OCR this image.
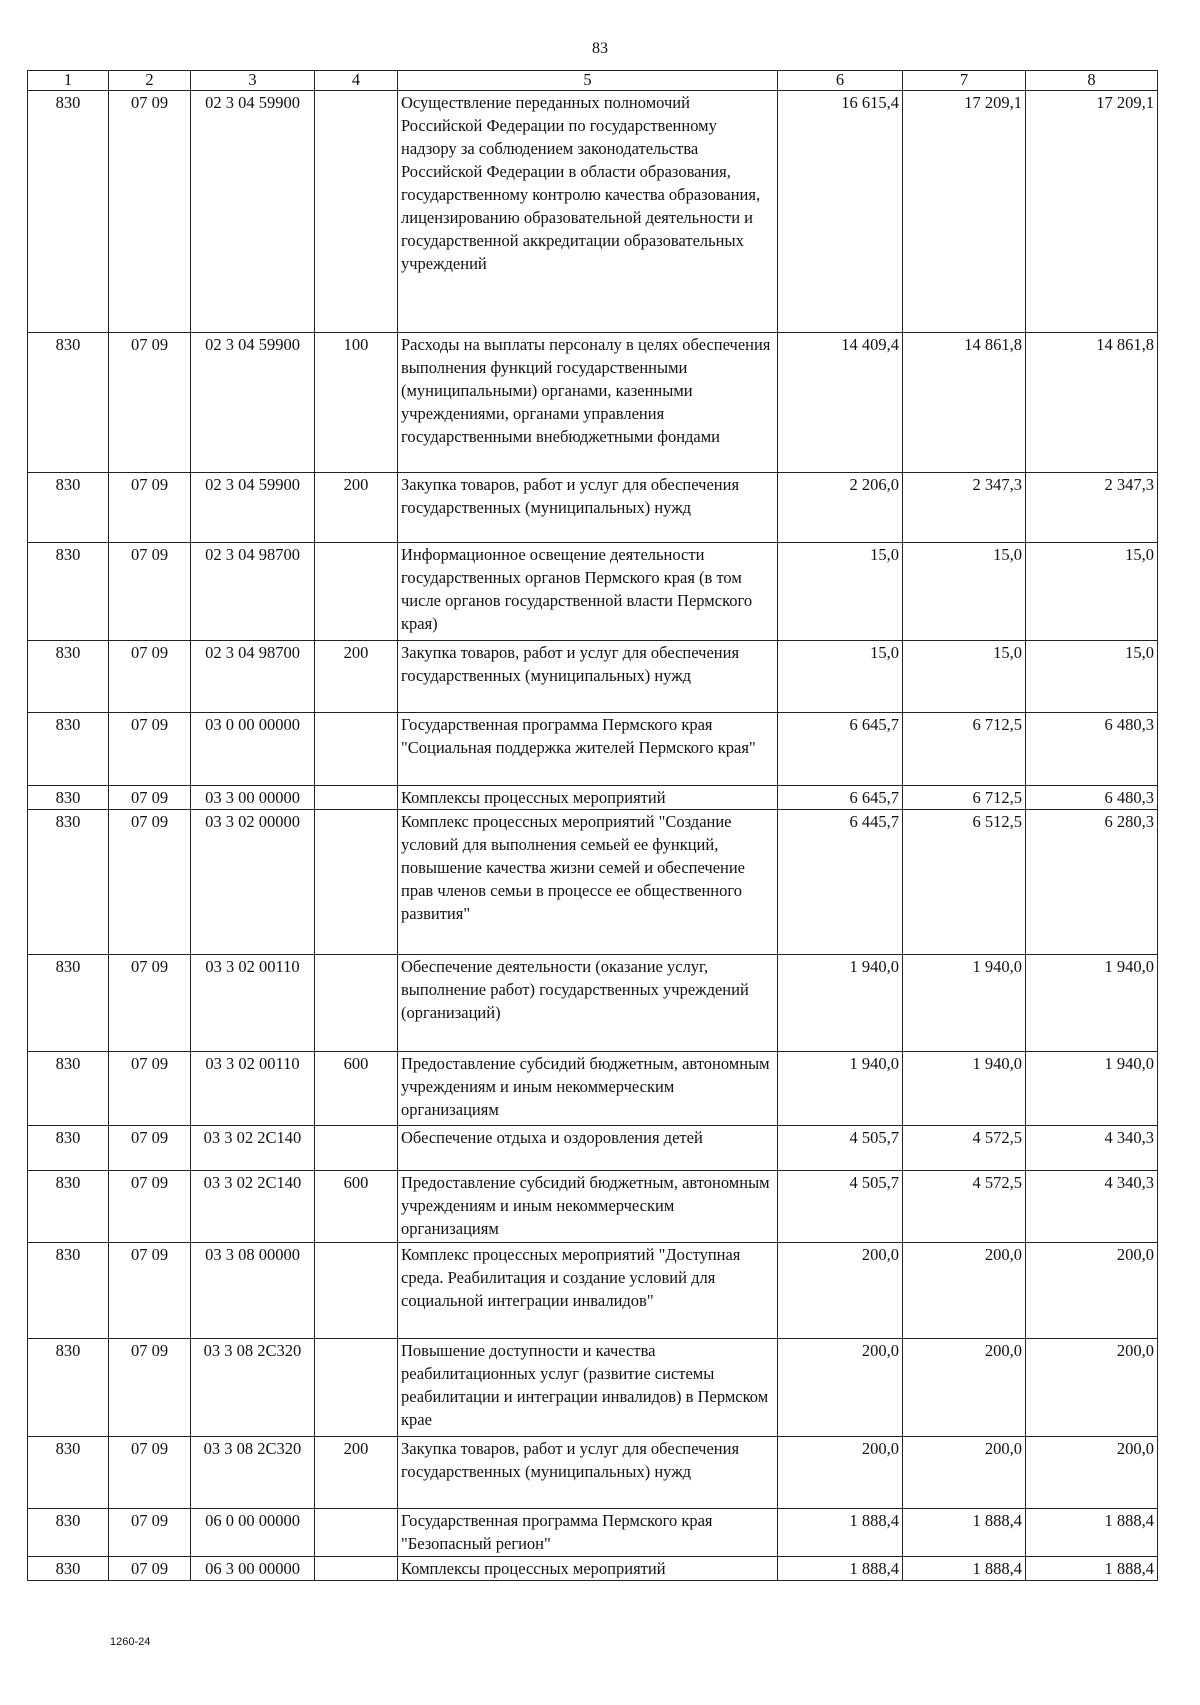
83
1	2	3	4	5	6	7	8
830	07 09	02 3 04 59900		Осуществление переданных полномочий Российской Федерации по государственному надзору за соблюдением законодательства Российской Федерации в области образования, государственному контролю качества образования, лицензированию образовательной деятельности и государственной аккредитации образовательных учреждений	16 615,4	17 209,1	17 209,1
830	07 09	02 3 04 59900	100	Расходы на выплаты персоналу в целях обеспечения выполнения функций государственными (муниципальными) органами, казенными учреждениями, органами управления государственными внебюджетными фондами	14 409,4	14 861,8	14 861,8
830	07 09	02 3 04 59900	200	Закупка товаров, работ и услуг для обеспечения государственных (муниципальных) нужд	2 206,0	2 347,3	2 347,3
830	07 09	02 3 04 98700		Информационное освещение деятельности государственных органов Пермского края (в том числе органов государственной власти Пермского края)	15,0	15,0	15,0
830	07 09	02 3 04 98700	200	Закупка товаров, работ и услуг для обеспечения государственных (муниципальных) нужд	15,0	15,0	15,0
830	07 09	03 0 00 00000		Государственная программа Пермского края "Социальная поддержка жителей Пермского края"	6 645,7	6 712,5	6 480,3
830	07 09	03 3 00 00000		Комплексы процессных мероприятий	6 645,7	6 712,5	6 480,3
830	07 09	03 3 02 00000		Комплекс процессных мероприятий "Создание условий для выполнения семьей ее функций, повышение качества жизни семей и обеспечение прав членов семьи в процессе ее общественного развития"	6 445,7	6 512,5	6 280,3
830	07 09	03 3 02 00110		Обеспечение деятельности (оказание услуг, выполнение работ) государственных учреждений (организаций)	1 940,0	1 940,0	1 940,0
830	07 09	03 3 02 00110	600	Предоставление субсидий бюджетным, автономным учреждениям и иным некоммерческим организациям	1 940,0	1 940,0	1 940,0
830	07 09	03 3 02 2С140		Обеспечение отдыха и оздоровления детей	4 505,7	4 572,5	4 340,3
830	07 09	03 3 02 2С140	600	Предоставление субсидий бюджетным, автономным учреждениям и иным некоммерческим организациям	4 505,7	4 572,5	4 340,3
830	07 09	03 3 08 00000		Комплекс процессных мероприятий "Доступная среда. Реабилитация и создание условий для социальной интеграции инвалидов"	200,0	200,0	200,0
830	07 09	03 3 08 2С320		Повышение доступности и качества реабилитационных услуг (развитие системы реабилитации и интеграции инвалидов) в Пермском крае	200,0	200,0	200,0
830	07 09	03 3 08 2С320	200	Закупка товаров, работ и услуг для обеспечения государственных (муниципальных) нужд	200,0	200,0	200,0
830	07 09	06 0 00 00000		Государственная программа Пермского края "Безопасный регион"	1 888,4	1 888,4	1 888,4
830	07 09	06 3 00 00000		Комплексы процессных мероприятий	1 888,4	1 888,4	1 888,4
1260-24
